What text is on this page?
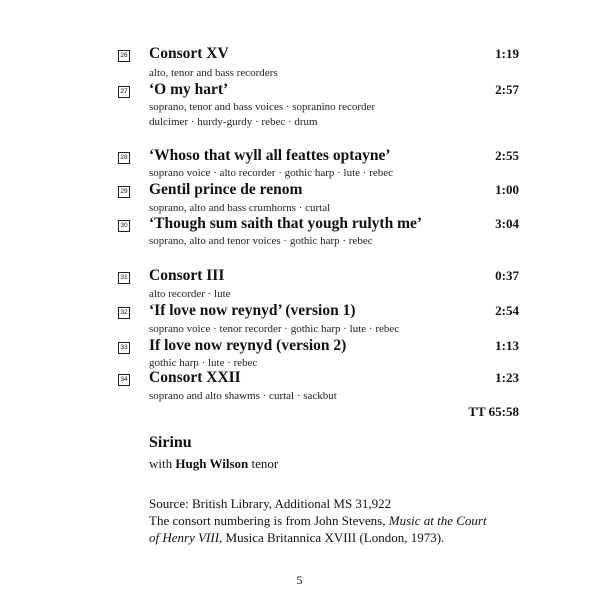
26 Consort XV	1:19
alto, tenor and bass recorders
27 ‘O my hart’	2:57
soprano, tenor and bass voices · sopranino recorder
dulcimer · hurdy-gurdy · rebec · drum
28 ‘Whoso that wyll all feattes optayne’	2:55
soprano voice · alto recorder · gothic harp · lute · rebec
29 Gentil prince de renom	1:00
soprano, alto and bass crumhorns · curtal
30 ‘Though sum saith that yough rulyth me’	3:04
soprano, alto and tenor voices · gothic harp · rebec
31 Consort III	0:37
alto recorder · lute
32 ‘If love now reynyd’ (version 1)	2:54
soprano voice · tenor recorder · gothic harp · lute · rebec
33 If love now reynyd (version 2)	1:13
gothic harp · lute · rebec
34 Consort XXII	1:23
soprano and alto shawms · curtal · sackbut
TT 65:58
Sirinu
with Hugh Wilson tenor
Source: British Library, Additional MS 31,922
The consort numbering is from John Stevens, Music at the Court
of Henry VIII, Musica Britannica XVIII (London, 1973).
5
